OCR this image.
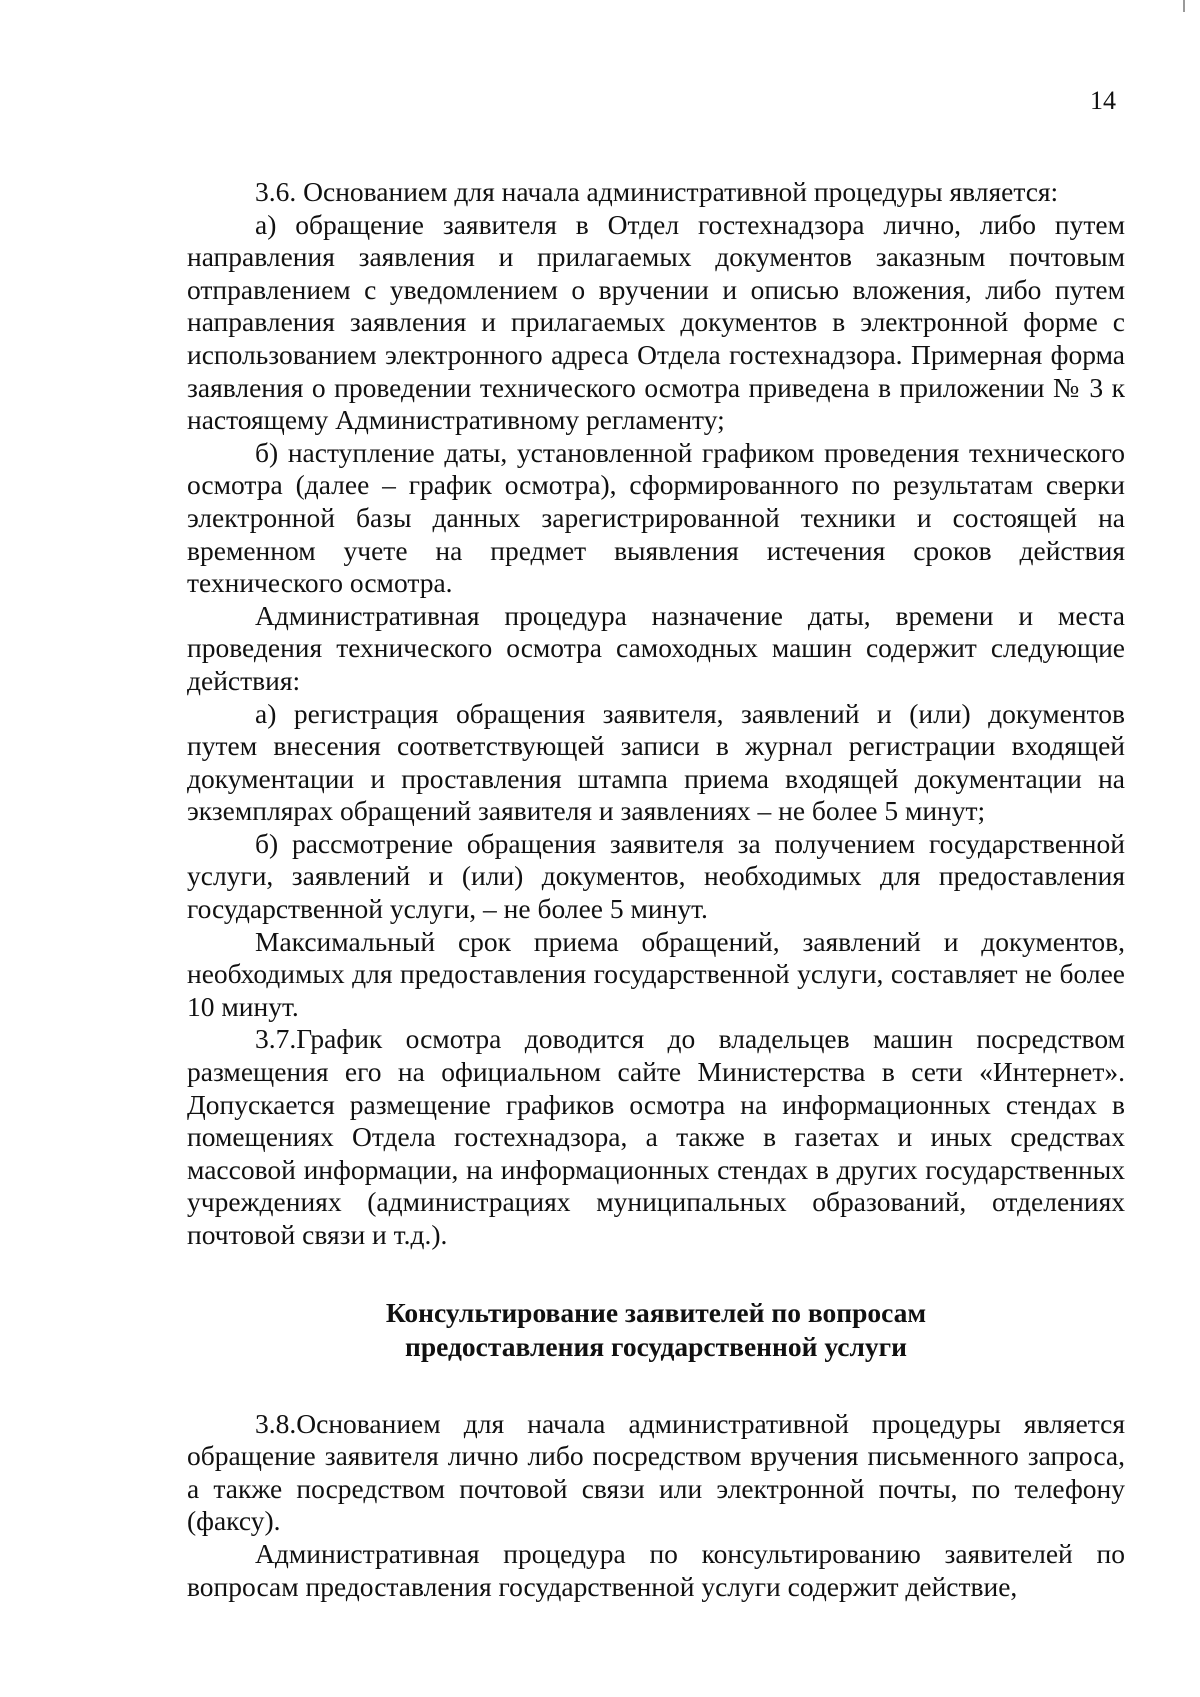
14

3.6. Основанием для начала административной процедуры является:

а) обращение заявителя в Отдел гостехнадзора лично, либо путем направления заявления и прилагаемых документов заказным почтовым отправлением с уведомлением о вручении и описью вложения, либо путем направления заявления и прилагаемых документов в электронной форме с использованием электронного адреса Отдела гостехнадзора. Примерная форма заявления о проведении технического осмотра приведена в приложении № 3 к настоящему Административному регламенту;

б) наступление даты, установленной графиком проведения технического осмотра (далее – график осмотра), сформированного по результатам сверки электронной базы данных зарегистрированной техники и состоящей на временном учете на предмет выявления истечения сроков действия технического осмотра.

Административная процедура назначение даты, времени и места проведения технического осмотра самоходных машин содержит следующие действия:

а) регистрация обращения заявителя, заявлений и (или) документов путем внесения соответствующей записи в журнал регистрации входящей документации и проставления штампа приема входящей документации на экземплярах обращений заявителя и заявлениях – не более 5 минут;

б) рассмотрение обращения заявителя за получением государственной услуги, заявлений и (или) документов, необходимых для предоставления государственной услуги, – не более 5 минут.

Максимальный срок приема обращений, заявлений и документов, необходимых для предоставления государственной услуги, составляет не более 10 минут.

3.7.График осмотра доводится до владельцев машин посредством размещения его на официальном сайте Министерства в сети «Интернет». Допускается размещение графиков осмотра на информационных стендах в помещениях Отдела гостехнадзора, а также в газетах и иных средствах массовой информации, на информационных стендах в других государственных учреждениях (администрациях муниципальных образований, отделениях почтовой связи и т.д.).

Консультирование заявителей по вопросам
предоставления государственной услуги

3.8.Основанием для начала административной процедуры является обращение заявителя лично либо посредством вручения письменного запроса, а также посредством почтовой связи или электронной почты, по телефону (факсу).

Административная процедура по консультированию заявителей по вопросам предоставления государственной услуги содержит действие,
